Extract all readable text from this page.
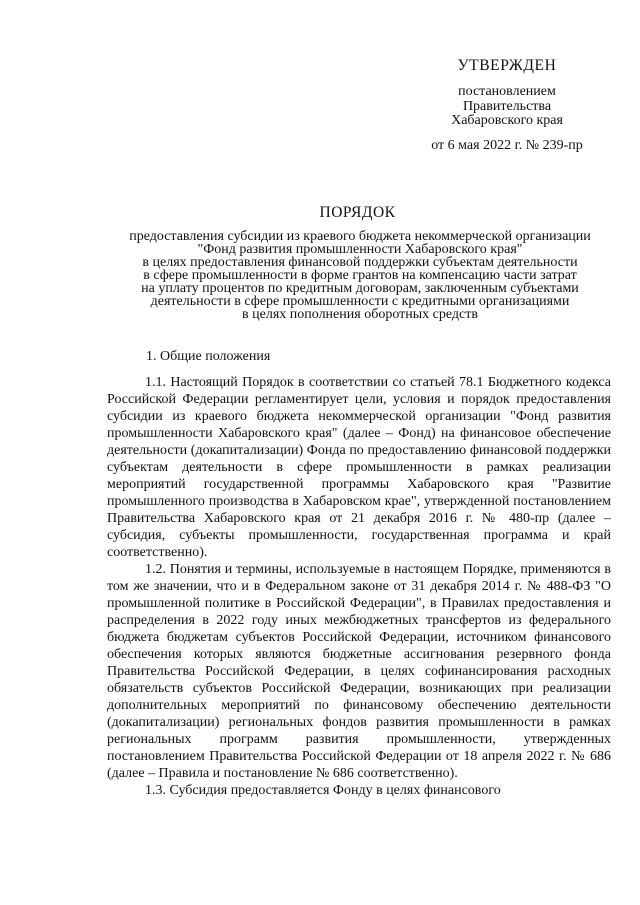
УТВЕРЖДЕН
постановлением
Правительства
Хабаровского края
от 6 мая 2022 г. № 239-пр
ПОРЯДОК
предоставления субсидии из краевого бюджета некоммерческой организации
"Фонд развития промышленности Хабаровского края"
в целях предоставления финансовой поддержки субъектам деятельности
в сфере промышленности в форме грантов на компенсацию части затрат
на уплату процентов по кредитным договорам, заключенным субъектами
деятельности в сфере промышленности с кредитными организациями
в целях пополнения оборотных средств
1. Общие положения

1.1. Настоящий Порядок в соответствии со статьей 78.1 Бюджетного кодекса Российской Федерации регламентирует цели, условия и порядок предоставления субсидии из краевого бюджета некоммерческой организации "Фонд развития промышленности Хабаровского края" (далее – Фонд) на финансовое обеспечение деятельности (докапитализации) Фонда по предоставлению финансовой поддержки субъектам деятельности в сфере промышленности в рамках реализации мероприятий государственной программы Хабаровского края "Развитие промышленного производства в Хабаровском крае", утвержденной постановлением Правительства Хабаровского края от 21 декабря 2016 г. № 480-пр (далее – субсидия, субъекты промышленности, государственная программа и край соответственно).

1.2. Понятия и термины, используемые в настоящем Порядке, применяются в том же значении, что и в Федеральном законе от 31 декабря 2014 г. № 488-ФЗ "О промышленной политике в Российской Федерации", в Правилах предоставления и распределения в 2022 году иных межбюджетных трансфертов из федерального бюджета бюджетам субъектов Российской Федерации, источником финансового обеспечения которых являются бюджетные ассигнования резервного фонда Правительства Российской Федерации, в целях софинансирования расходных обязательств субъектов Российской Федерации, возникающих при реализации дополнительных мероприятий по финансовому обеспечению деятельности (докапитализации) региональных фондов развития промышленности в рамках региональных программ развития промышленности, утвержденных постановлением Правительства Российской Федерации от 18 апреля 2022 г. № 686 (далее – Правила и постановление № 686 соответственно).

1.3. Субсидия предоставляется Фонду в целях финансового
